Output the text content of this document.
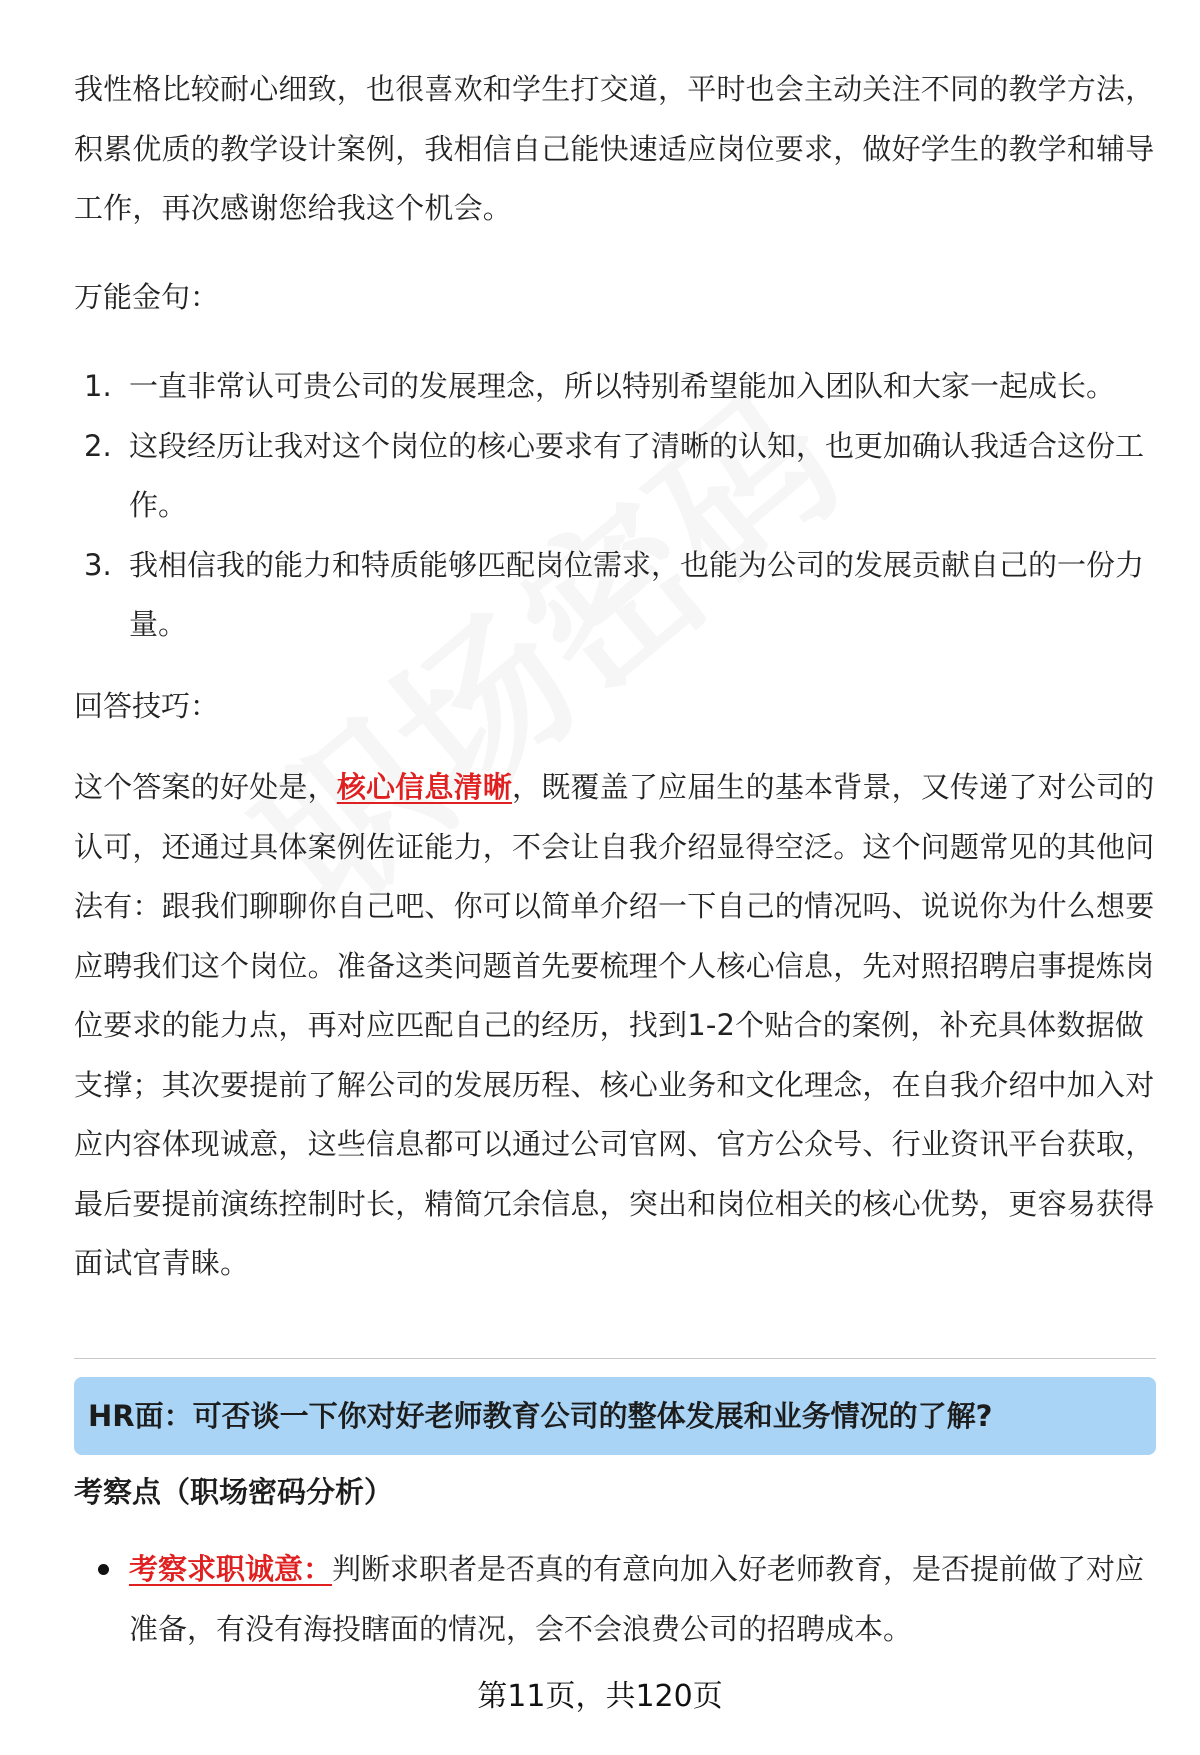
我性格比较耐心细致，也很喜欢和学生打交道，平时也会主动关注不同的教学方法，积累优质的教学设计案例，我相信自己能快速适应岗位要求，做好学生的教学和辅导工作，再次感谢您给我这个机会。

万能金句：

1. 一直非常认可贵公司的发展理念，所以特别希望能加入团队和大家一起成长。
2. 这段经历让我对这个岗位的核心要求有了清晰的认知，也更加确认我适合这份工作。
3. 我相信我的能力和特质能够匹配岗位需求，也能为公司的发展贡献自己的一份力量。

回答技巧：

这个答案的好处是，核心信息清晰，既覆盖了应届生的基本背景，又传递了对公司的认可，还通过具体案例佐证能力，不会让自我介绍显得空泛。这个问题常见的其他问法有：跟我们聊聊你自己吧、你可以简单介绍一下自己的情况吗、说说你为什么想要应聘我们这个岗位。准备这类问题首先要梳理个人核心信息，先对照招聘启事提炼岗位要求的能力点，再对应匹配自己的经历，找到1-2个贴合的案例，补充具体数据做支撑；其次要提前了解公司的发展历程、核心业务和文化理念，在自我介绍中加入对应内容体现诚意，这些信息都可以通过公司官网、官方公众号、行业资讯平台获取，最后要提前演练控制时长，精简冗余信息，突出和岗位相关的核心优势，更容易获得面试官青睐。

HR面：可否谈一下你对好老师教育公司的整体发展和业务情况的了解?
考察点（职场密码分析）
考察求职诚意：判断求职者是否真的有意向加入好老师教育，是否提前做了对应准备，有没有海投瞎面的情况，会不会浪费公司的招聘成本。
第11页，共120页
